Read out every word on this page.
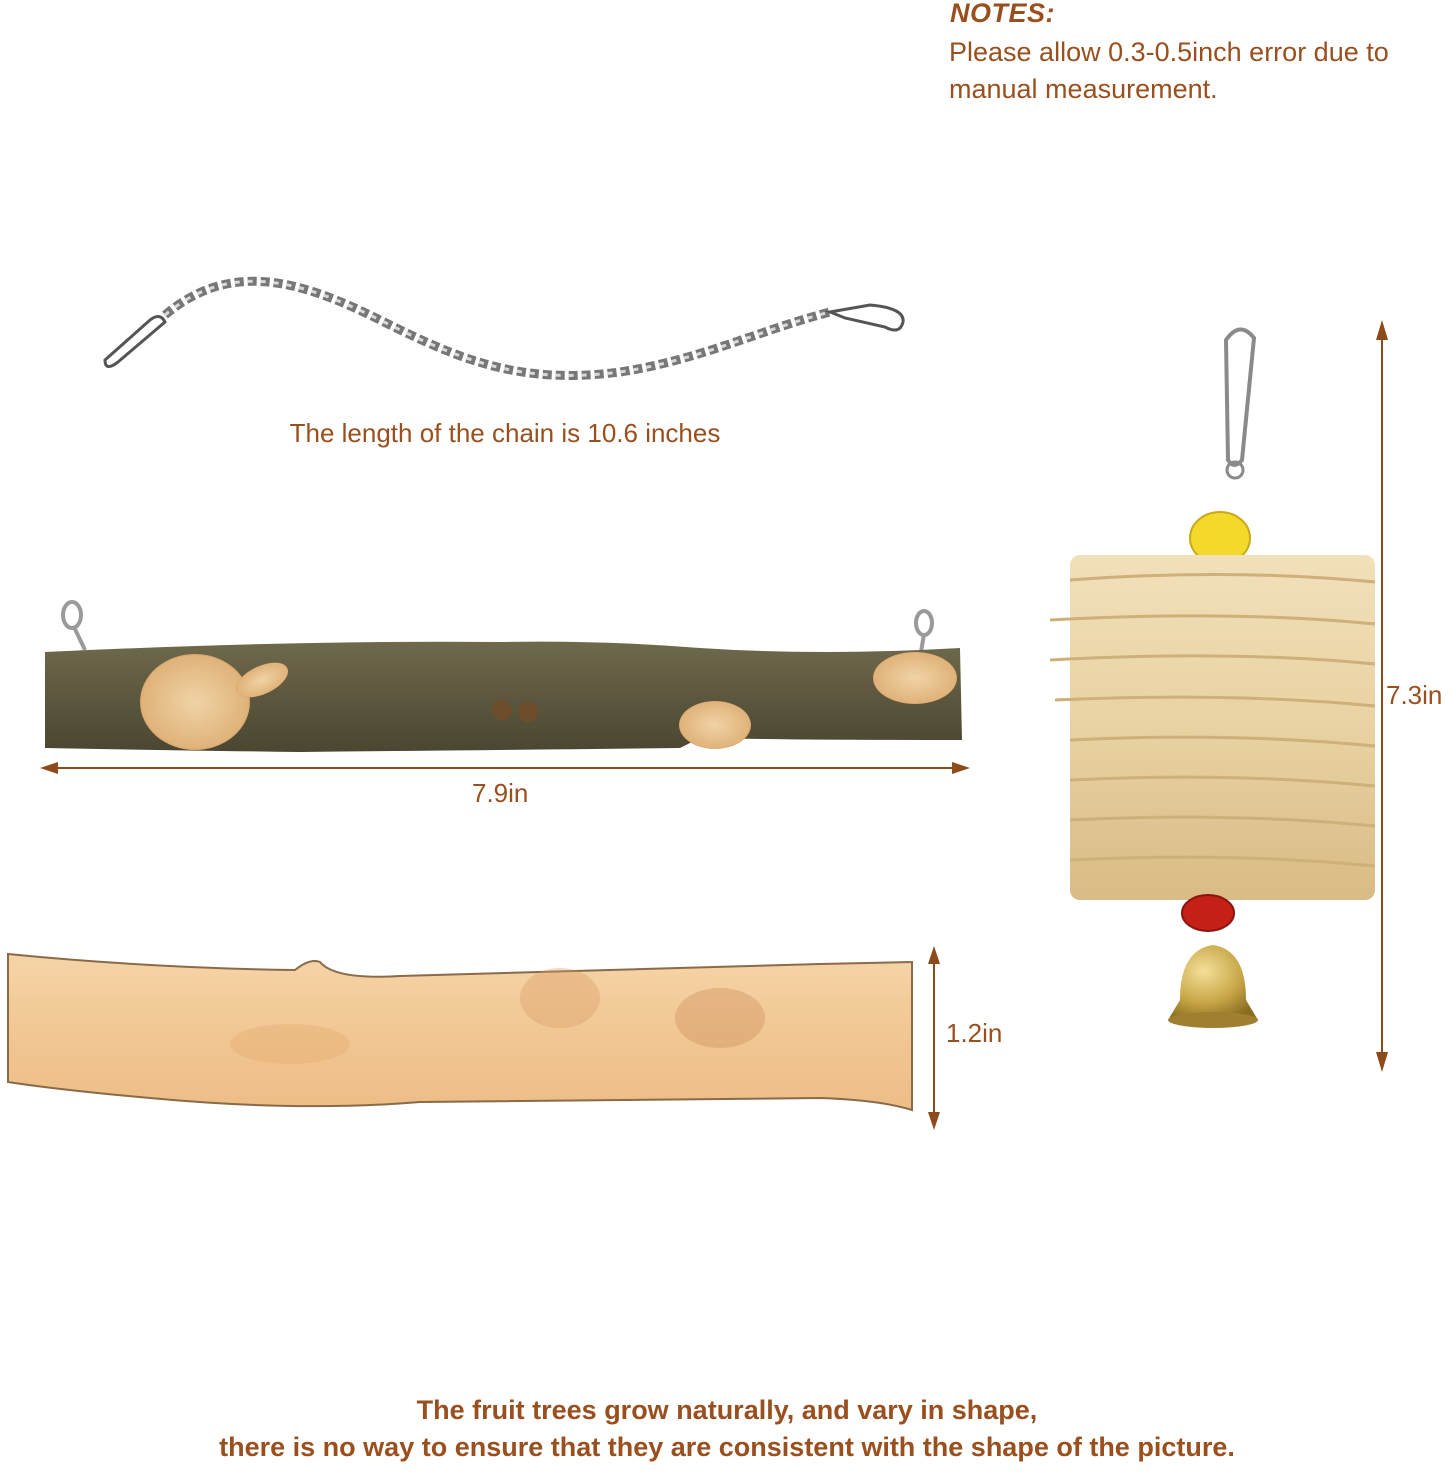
NOTES:
Please allow 0.3-0.5inch error due to
manual measurement.
The length of the chain is 10.6 inches
7.9in
1.2in
7.3in
The fruit trees grow naturally, and vary in shape,
there is no way to ensure that they are consistent with the shape of the picture.
